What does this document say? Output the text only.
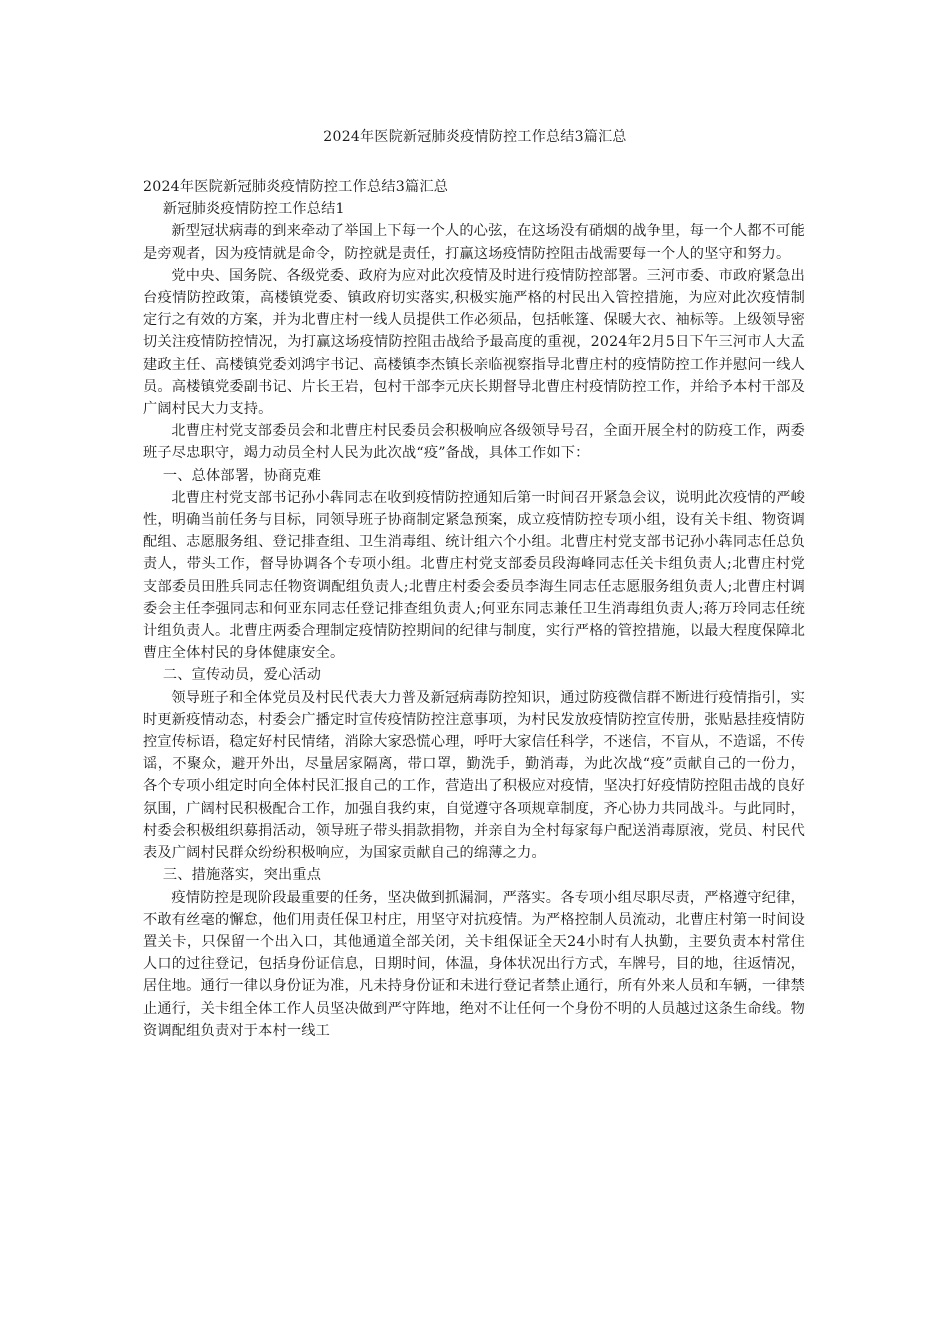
2024年医院新冠肺炎疫情防控工作总结3篇汇总

2024年医院新冠肺炎疫情防控工作总结3篇汇总

新冠肺炎疫情防控工作总结1

新型冠状病毒的到来牵动了举国上下每一个人的心弦，在这场没有硝烟的战争里，每一个人都不可能是旁观者，因为疫情就是命令，防控就是责任，打赢这场疫情防控阻击战需要每一个人的坚守和努力。

党中央、国务院、各级党委、政府为应对此次疫情及时进行疫情防控部署。三河市委、市政府紧急出台疫情防控政策，高楼镇党委、镇政府切实落实,积极实施严格的村民出入管控措施，为应对此次疫情制定行之有效的方案，并为北曹庄村一线人员提供工作必须品，包括帐篷、保暖大衣、袖标等。上级领导密切关注疫情防控情况，为打赢这场疫情防控阻击战给予最高度的重视，2024年2月5日下午三河市人大孟建政主任、高楼镇党委刘鸿宇书记、高楼镇李杰镇长亲临视察指导北曹庄村的疫情防控工作并慰问一线人员。高楼镇党委副书记、片长王岩，包村干部李元庆长期督导北曹庄村疫情防控工作，并给予本村干部及广阔村民大力支持。

北曹庄村党支部委员会和北曹庄村民委员会积极响应各级领导号召，全面开展全村的防疫工作，两委班子尽忠职守，竭力动员全村人民为此次战“疫”备战，具体工作如下：

一、总体部署，协商克难

北曹庄村党支部书记孙小犇同志在收到疫情防控通知后第一时间召开紧急会议，说明此次疫情的严峻性，明确当前任务与目标，同领导班子协商制定紧急预案，成立疫情防控专项小组，设有关卡组、物资调配组、志愿服务组、登记排查组、卫生消毒组、统计组六个小组。北曹庄村党支部书记孙小犇同志任总负责人，带头工作，督导协调各个专项小组。北曹庄村党支部委员段海峰同志任关卡组负责人;北曹庄村党支部委员田胜兵同志任物资调配组负责人;北曹庄村委会委员李海生同志任志愿服务组负责人;北曹庄村调委会主任李强同志和何亚东同志任登记排查组负责人;何亚东同志兼任卫生消毒组负责人;蒋万玲同志任统计组负责人。北曹庄两委合理制定疫情防控期间的纪律与制度，实行严格的管控措施，以最大程度保障北曹庄全体村民的身体健康安全。

二、宣传动员，爱心活动

领导班子和全体党员及村民代表大力普及新冠病毒防控知识，通过防疫微信群不断进行疫情指引，实时更新疫情动态，村委会广播定时宣传疫情防控注意事项，为村民发放疫情防控宣传册，张贴悬挂疫情防控宣传标语，稳定好村民情绪，消除大家恐慌心理，呼吁大家信任科学，不迷信，不盲从，不造谣，不传谣，不聚众，避开外出，尽量居家隔离，带口罩，勤洗手，勤消毒，为此次战“疫”贡献自己的一份力，各个专项小组定时向全体村民汇报自己的工作，营造出了积极应对疫情，坚决打好疫情防控阻击战的良好氛围，广阔村民积极配合工作，加强自我约束，自觉遵守各项规章制度，齐心协力共同战斗。与此同时，村委会积极组织募捐活动，领导班子带头捐款捐物，并亲自为全村每家每户配送消毒原液，党员、村民代表及广阔村民群众纷纷积极响应，为国家贡献自己的绵薄之力。

三、措施落实，突出重点

疫情防控是现阶段最重要的任务，坚决做到抓漏洞，严落实。各专项小组尽职尽责，严格遵守纪律，不敢有丝毫的懈怠，他们用责任保卫村庄，用坚守对抗疫情。为严格控制人员流动，北曹庄村第一时间设置关卡，只保留一个出入口，其他通道全部关闭，关卡组保证全天24小时有人执勤，主要负责本村常住人口的过往登记，包括身份证信息，日期时间，体温，身体状况出行方式，车牌号，目的地，往返情况，居住地。通行一律以身份证为准，凡未持身份证和未进行登记者禁止通行，所有外来人员和车辆，一律禁止通行，关卡组全体工作人员坚决做到严守阵地，绝对不让任何一个身份不明的人员越过这条生命线。物资调配组负责对于本村一线工
